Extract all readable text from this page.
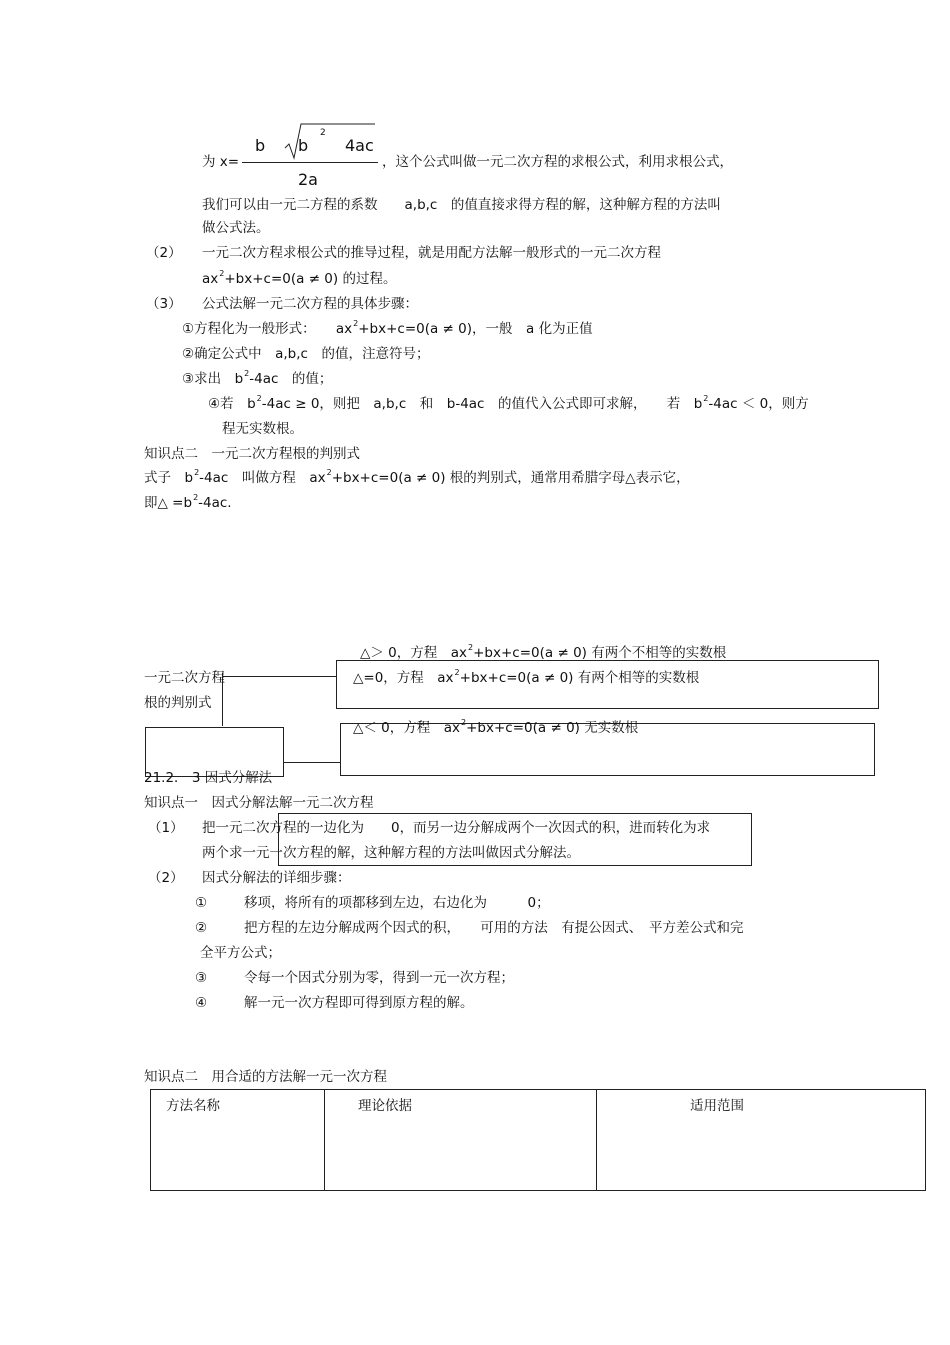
b b
2
4ac
为 x=	，这个公式叫做一元二次方程的求根公式，利用求根公式，
2a
我们可以由一元二方程的系数　　a,b,c　的值直接求得方程的解，这种解方程的方法叫
做公式法。
（2） 一元二次方程求根公式的推导过程，就是用配方法解一般形式的一元二次方程
$ax^2+bx+c=0(a \ne 0)$ 的过程。
（3） 公式法解一元二次方程的具体步骤：
①方程化为一般形式：　　$ax^2+bx+c=0(a \ne 0)$，一般　a 化为正值
②确定公式中　a,b,c　的值，注意符号；
③求出　$b^2-4ac$　的值；
④若　$b^2-4ac \ge 0$，则把　a,b,c　和　b-4ac　的值代入公式即可求解，　　若　$b^2-4ac < 0$，则方
程无实数根。
知识点二　一元二次方程根的判别式
式子　$b^2-4ac$　叫做方程　$ax^2+bx+c=0(a \ne 0)$ 根的判别式，通常用希腊字母△表示它，
即△ $=b^2-4ac$.
△＞ 0，方程　$ax^2+bx+c=0(a \ne 0)$ 有两个不相等的实数根
一元二次方程	△=0，方程　$ax^2+bx+c=0(a \ne 0)$ 有两个相等的实数根
根的判别式
△＜ 0，方程　$ax^2+bx+c=0(a \ne 0)$ 无实数根
21.2． 3 因式分解法
知识点一　因式分解法解一元二次方程
（1） 把一元二次方程的一边化为　　0，而另一边分解成两个一次因式的积，进而转化为求
两个求一元一次方程的解，这种解方程的方法叫做因式分解法。
（2） 因式分解法的详细步骤：
①	移项，将所有的项都移到左边，右边化为　　　0；
②	把方程的左边分解成两个因式的积，　　可用的方法　有提公因式、　平方差公式和完
全平方公式；
③	令每一个因式分别为零，得到一元一次方程；
④	解一元一次方程即可得到原方程的解。
知识点二　用合适的方法解一元一次方程
方法名称	理论依据	适用范围
